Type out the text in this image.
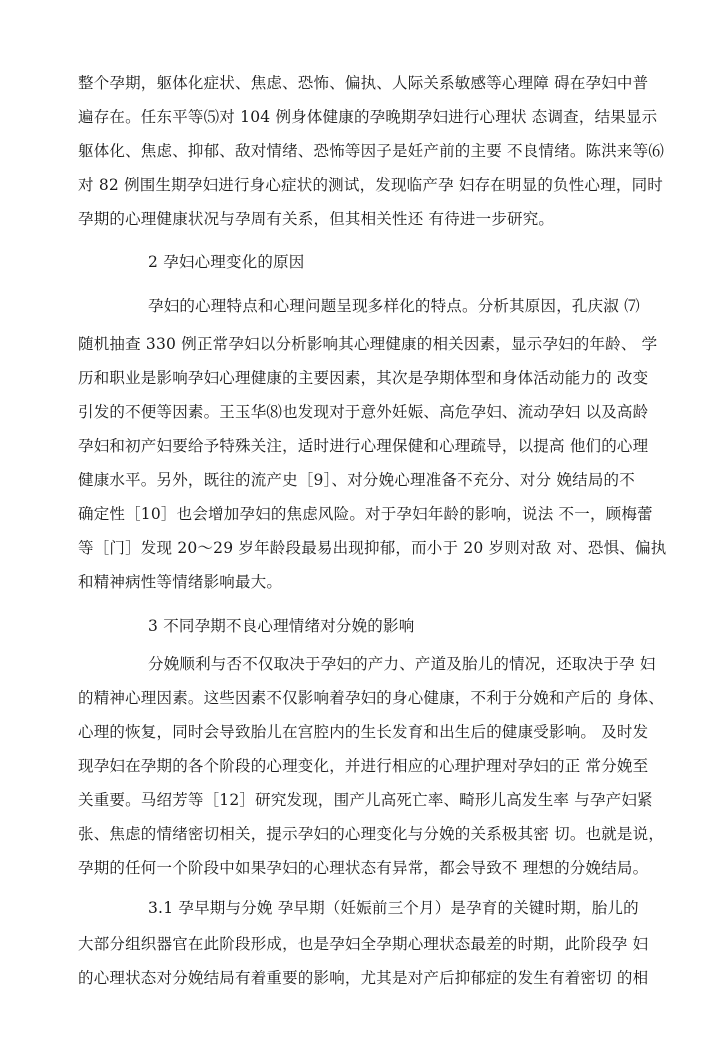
整个孕期，躯体化症状、焦虑、恐怖、偏执、人际关系敏感等心理障 碍在孕妇中普
遍存在。任东平等⑸对 104 例身体健康的孕晚期孕妇进行心理状 态调查，结果显示
躯体化、焦虑、抑郁、敌对情绪、恐怖等因子是妊产前的主要 不良情绪。陈洪来等⑹
对 82 例围生期孕妇进行身心症状的测试，发现临产孕 妇存在明显的负性心理，同时
孕期的心理健康状况与孕周有关系，但其相关性还 有待进一步研究。
2 孕妇心理变化的原因
孕妇的心理特点和心理问题呈现多样化的特点。分析其原因，孔庆淑 ⑺
随机抽查 330 例正常孕妇以分析影响其心理健康的相关因素，显示孕妇的年龄、 学
历和职业是影响孕妇心理健康的主要因素，其次是孕期体型和身体活动能力的 改变
引发的不便等因素。王玉华⑻也发现对于意外妊娠、高危孕妇、流动孕妇 以及高龄
孕妇和初产妇要给予特殊关注，适时进行心理保健和心理疏导，以提高 他们的心理
健康水平。另外，既往的流产史［9］、对分娩心理准备不充分、对分 娩结局的不
确定性［10］也会增加孕妇的焦虑风险。对于孕妇年龄的影响，说法 不一，顾梅蕾
等［门］发现 20〜29 岁年龄段最易出现抑郁，而小于 20 岁则对敌 对、恐惧、偏执
和精神病性等情绪影响最大。
3 不同孕期不良心理情绪对分娩的影响
分娩顺利与否不仅取决于孕妇的产力、产道及胎儿的情况，还取决于孕 妇
的精神心理因素。这些因素不仅影响着孕妇的身心健康，不利于分娩和产后的 身体、
心理的恢复，同时会导致胎儿在宫腔内的生长发育和出生后的健康受影响。 及时发
现孕妇在孕期的各个阶段的心理变化，并进行相应的心理护理对孕妇的正 常分娩至
关重要。马绍芳等［12］研究发现，围产儿高死亡率、畸形儿高发生率 与孕产妇紧
张、焦虑的情绪密切相关，提示孕妇的心理变化与分娩的关系极其密 切。也就是说，
孕期的任何一个阶段中如果孕妇的心理状态有异常，都会导致不 理想的分娩结局。
3.1 孕早期与分娩 孕早期（妊娠前三个月）是孕育的关键时期，胎儿的
大部分组织器官在此阶段形成，也是孕妇全孕期心理状态最差的时期，此阶段孕 妇
的心理状态对分娩结局有着重要的影响，尤其是对产后抑郁症的发生有着密切 的相
